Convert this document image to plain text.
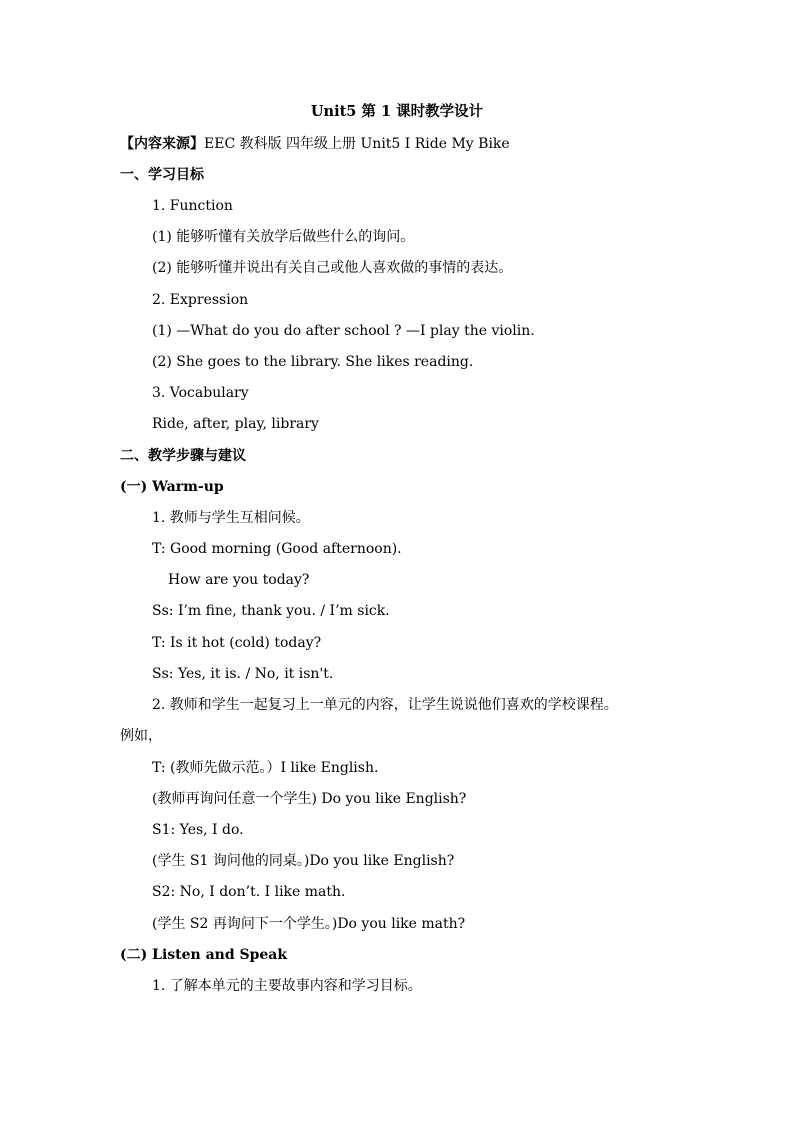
Unit5 第 1 课时教学设计
【内容来源】EEC 教科版 四年级上册 Unit5 I Ride My Bike
一、学习目标
1. Function
(1) 能够听懂有关放学后做些什么的询问。
(2) 能够听懂并说出有关自己或他人喜欢做的事情的表达。
2. Expression
(1) —What do you do after school ? —I play the violin.
(2) She goes to the library. She likes reading.
3. Vocabulary
Ride, after, play, library
二、教学步骤与建议
(一) Warm-up
1. 教师与学生互相问候。
T: Good morning (Good afternoon).
How are you today?
Ss: I’m fine, thank you. / I’m sick.
T: Is it hot (cold) today?
Ss: Yes, it is. / No, it isn't.
2. 教师和学生一起复习上一单元的内容，让学生说说他们喜欢的学校课程。
例如，
T: (教师先做示范。）I like English.
(教师再询问任意一个学生) Do you like English?
S1: Yes, I do.
(学生 S1 询问他的同桌。)Do you like English?
S2: No, I don’t. I like math.
(学生 S2 再询问下一个学生。)Do you like math?
(二) Listen and Speak
1. 了解本单元的主要故事内容和学习目标。
